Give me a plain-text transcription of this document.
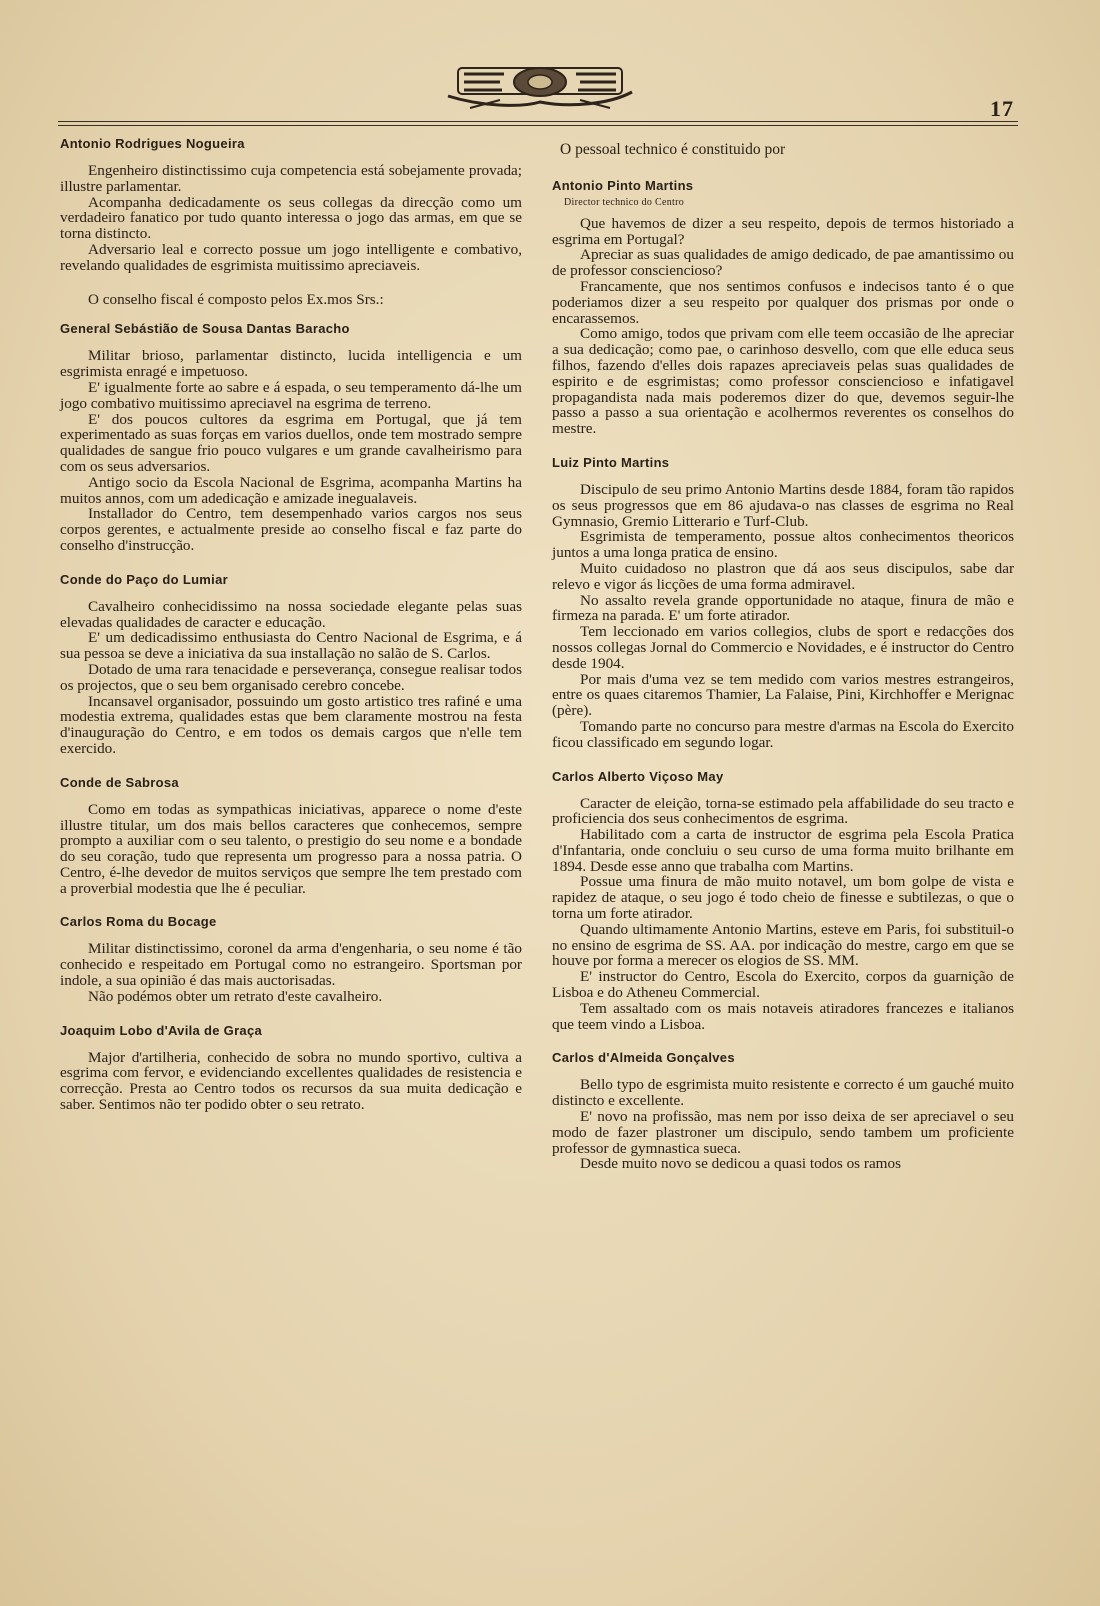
17
Antonio Rodrigues Nogueira

Engenheiro distinctissimo cuja competencia está sobejamente provada; illustre parlamentar.

Acompanha dedicadamente os seus collegas da direcção como um verdadeiro fanatico por tudo quanto interessa o jogo das armas, em que se torna distincto.

Adversario leal e correcto possue um jogo intelligente e combativo, revelando qualidades de esgrimista muitissimo apreciaveis.

O conselho fiscal é composto pelos Ex.mos Srs.:

General Sebástião de Sousa Dantas Baracho

Militar brioso, parlamentar distincto, lucida intelligencia e um esgrimista enragé e impetuoso.

E' igualmente forte ao sabre e á espada, o seu temperamento dá-lhe um jogo combativo muitissimo apreciavel na esgrima de terreno.

E' dos poucos cultores da esgrima em Portugal, que já tem experimentado as suas forças em varios duellos, onde tem mostrado sempre qualidades de sangue frio pouco vulgares e um grande cavalheirismo para com os seus adversarios.

Antigo socio da Escola Nacional de Esgrima, acompanha Martins ha muitos annos, com um adedicação e amizade inegualaveis.

Installador do Centro, tem desempenhado varios cargos nos seus corpos gerentes, e actualmente preside ao conselho fiscal e faz parte do conselho d'instrucção.

Conde do Paço do Lumiar

Cavalheiro conhecidissimo na nossa sociedade elegante pelas suas elevadas qualidades de caracter e educação.

E' um dedicadissimo enthusiasta do Centro Nacional de Esgrima, e á sua pessoa se deve a iniciativa da sua installação no salão de S. Carlos.

Dotado de uma rara tenacidade e perseverança, consegue realisar todos os projectos, que o seu bem organisado cerebro concebe.

Incansavel organisador, possuindo um gosto artistico tres rafiné e uma modestia extrema, qualidades estas que bem claramente mostrou na festa d'inauguração do Centro, e em todos os demais cargos que n'elle tem exercido.

Conde de Sabrosa

Como em todas as sympathicas iniciativas, apparece o nome d'este illustre titular, um dos mais bellos caracteres que conhecemos, sempre prompto a auxiliar com o seu talento, o prestigio do seu nome e a bondade do seu coração, tudo que representa um progresso para a nossa patria. O Centro, é-lhe devedor de muitos serviços que sempre lhe tem prestado com a proverbial modestia que lhe é peculiar.

Carlos Roma du Bocage

Militar distinctissimo, coronel da arma d'engenharia, o seu nome é tão conhecido e respeitado em Portugal como no estrangeiro. Sportsman por indole, a sua opinião é das mais auctorisadas.

Não podémos obter um retrato d'este cavalheiro.

Joaquim Lobo d'Avila de Graça

Major d'artilheria, conhecido de sobra no mundo sportivo, cultiva a esgrima com fervor, e evidenciando excellentes qualidades de resistencia e correcção. Presta ao Centro todos os recursos da sua muita dedicação e saber. Sentimos não ter podido obter o seu retrato.

O pessoal technico é constituido por

Antonio Pinto Martins
Director technico do Centro

Que havemos de dizer a seu respeito, depois de termos historiado a esgrima em Portugal?

Apreciar as suas qualidades de amigo dedicado, de pae amantissimo ou de professor consciencioso?

Francamente, que nos sentimos confusos e indecisos tanto é o que poderiamos dizer a seu respeito por qualquer dos prismas por onde o encarassemos.

Como amigo, todos que privam com elle teem occasião de lhe apreciar a sua dedicação; como pae, o carinhoso desvello, com que elle educa seus filhos, fazendo d'elles dois rapazes apreciaveis pelas suas qualidades de espirito e de esgrimistas; como professor consciencioso e infatigavel propagandista nada mais poderemos dizer do que, devemos seguir-lhe passo a passo a sua orientação e acolhermos reverentes os conselhos do mestre.

Luiz Pinto Martins

Discipulo de seu primo Antonio Martins desde 1884, foram tão rapidos os seus progressos que em 86 ajudava-o nas classes de esgrima no Real Gymnasio, Gremio Litterario e Turf-Club.

Esgrimista de temperamento, possue altos conhecimentos theoricos juntos a uma longa pratica de ensino.

Muito cuidadoso no plastron que dá aos seus discipulos, sabe dar relevo e vigor ás licções de uma forma admiravel.

No assalto revela grande opportunidade no ataque, finura de mão e firmeza na parada. E' um forte atirador.

Tem leccionado em varios collegios, clubs de sport e redacções dos nossos collegas Jornal do Commercio e Novidades, e é instructor do Centro desde 1904.

Por mais d'uma vez se tem medido com varios mestres estrangeiros, entre os quaes citaremos Thamier, La Falaise, Pini, Kirchhoffer e Merignac (père).

Tomando parte no concurso para mestre d'armas na Escola do Exercito ficou classificado em segundo logar.

Carlos Alberto Viçoso May

Caracter de eleição, torna-se estimado pela affabilidade do seu tracto e proficiencia dos seus conhecimentos de esgrima.

Habilitado com a carta de instructor de esgrima pela Escola Pratica d'Infantaria, onde concluiu o seu curso de uma forma muito brilhante em 1894. Desde esse anno que trabalha com Martins.

Possue uma finura de mão muito notavel, um bom golpe de vista e rapidez de ataque, o seu jogo é todo cheio de finesse e subtilezas, o que o torna um forte atirador.

Quando ultimamente Antonio Martins, esteve em Paris, foi substituil-o no ensino de esgrima de SS. AA. por indicação do mestre, cargo em que se houve por forma a merecer os elogios de SS. MM.

E' instructor do Centro, Escola do Exercito, corpos da guarnição de Lisboa e do Atheneu Commercial.

Tem assaltado com os mais notaveis atiradores francezes e italianos que teem vindo a Lisboa.

Carlos d'Almeida Gonçalves

Bello typo de esgrimista muito resistente e correcto é um gauché muito distincto e excellente.

E' novo na profissão, mas nem por isso deixa de ser apreciavel o seu modo de fazer plastroner um discipulo, sendo tambem um proficiente professor de gymnastica sueca.

Desde muito novo se dedicou a quasi todos os ramos
